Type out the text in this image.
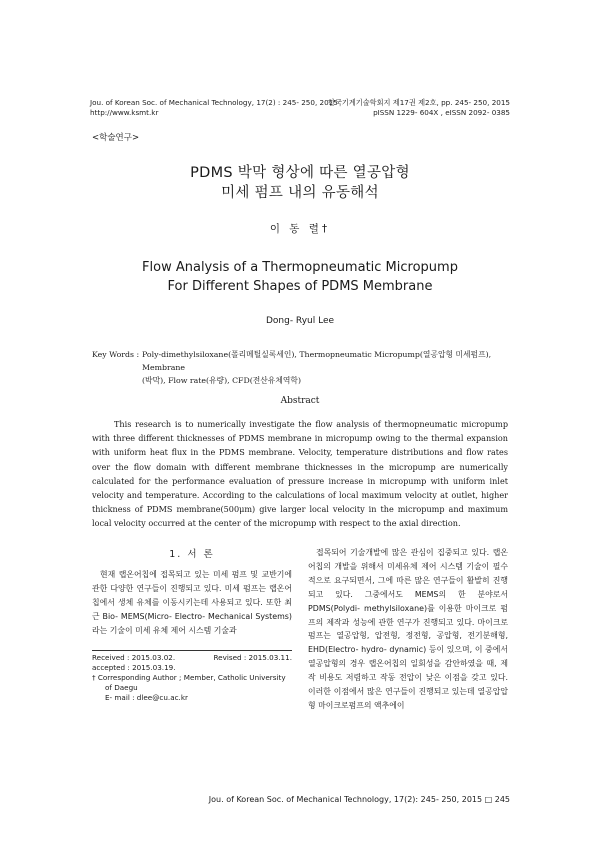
Jou. of Korean Soc. of Mechanical Technology, 17(2) : 245- 250, 2015
http://www.ksmt.kr
한국기계기술학회지 제17권 제2호, pp. 245- 250, 2015
pISSN 1229- 604X , eISSN 2092- 0385
<학술연구>
PDMS 박막 형상에 따른 열공압형
미세 펌프 내의 유동해석
이 동 렬†
Flow Analysis of a Thermopneumatic Micropump
For Different Shapes of PDMS Membrane
Dong- Ryul Lee
Key Words : Poly-dimethylsiloxane(폴리메틸실록세인), Thermopneumatic Micropump(열공압형 미세펌프), Membrane
(박막), Flow rate(유량), CFD(전산유체역학)
Abstract
This research is to numerically investigate the flow analysis of thermopneumatic micropump with three different thicknesses of PDMS membrane in micropump owing to the thermal expansion with uniform heat flux in the PDMS membrane. Velocity, temperature distributions and flow rates over the flow domain with different membrane thicknesses in the micropump are numerically calculated for the performance evaluation of pressure increase in micropump with uniform inlet velocity and temperature. According to the calculations of local maximum velocity at outlet, higher thickness of PDMS membrane(500μm) give larger local velocity in the micropump and maximum local velocity occurred at the center of the micropump with respect to the axial direction.
1. 서 론
현재 랩온어칩에 접목되고 있는 미세 펌프 및 교반기에 관한 다양한 연구들이 진행되고 있다. 미세 펌프는 랩온어칩에서 생체 유체를 이동시키는데 사용되고 있다. 또한 최근 Bio- MEMS(Micro- Electro- Mechanical Systems)라는 기술이 미세 유체 제어 시스템 기술과
Received : 2015.03.02.	Revised : 2015.03.11.
accepted : 2015.03.19.
† Corresponding Author ; Member, Catholic University
of Daegu
E- mail : dlee@cu.ac.kr
접목되어 기술개발에 많은 관심이 집중되고 있다. 랩온어칩의 개발을 위해서 미세유체 제어 시스템 기술이 필수적으로 요구되면서, 그에 따른 많은 연구들이 활발히 진행되고 있다. 그중에서도 MEMS의 한 분야로서 PDMS(Polydi- methylsiloxane)를 이용한 마이크로 펌프의 제작과 성능에 관한 연구가 진행되고 있다. 마이크로 펌프는 열공압형, 압전형, 정전형, 공압형, 전기분해형, EHD(Electro- hydro- dynamic) 등이 있으며, 이 중에서 열공압형의 경우 랩온어칩의 일회성을 감안하였을 때, 제작 비용도 저렴하고 작동 전압이 낮은 이점을 갖고 있다. 이러한 이점에서 많은 연구들이 진행되고 있는데 열공압압형 마이크로펌프의 액추에이
Jou. of Korean Soc. of Mechanical Technology, 17(2): 245- 250, 2015 □ 245
